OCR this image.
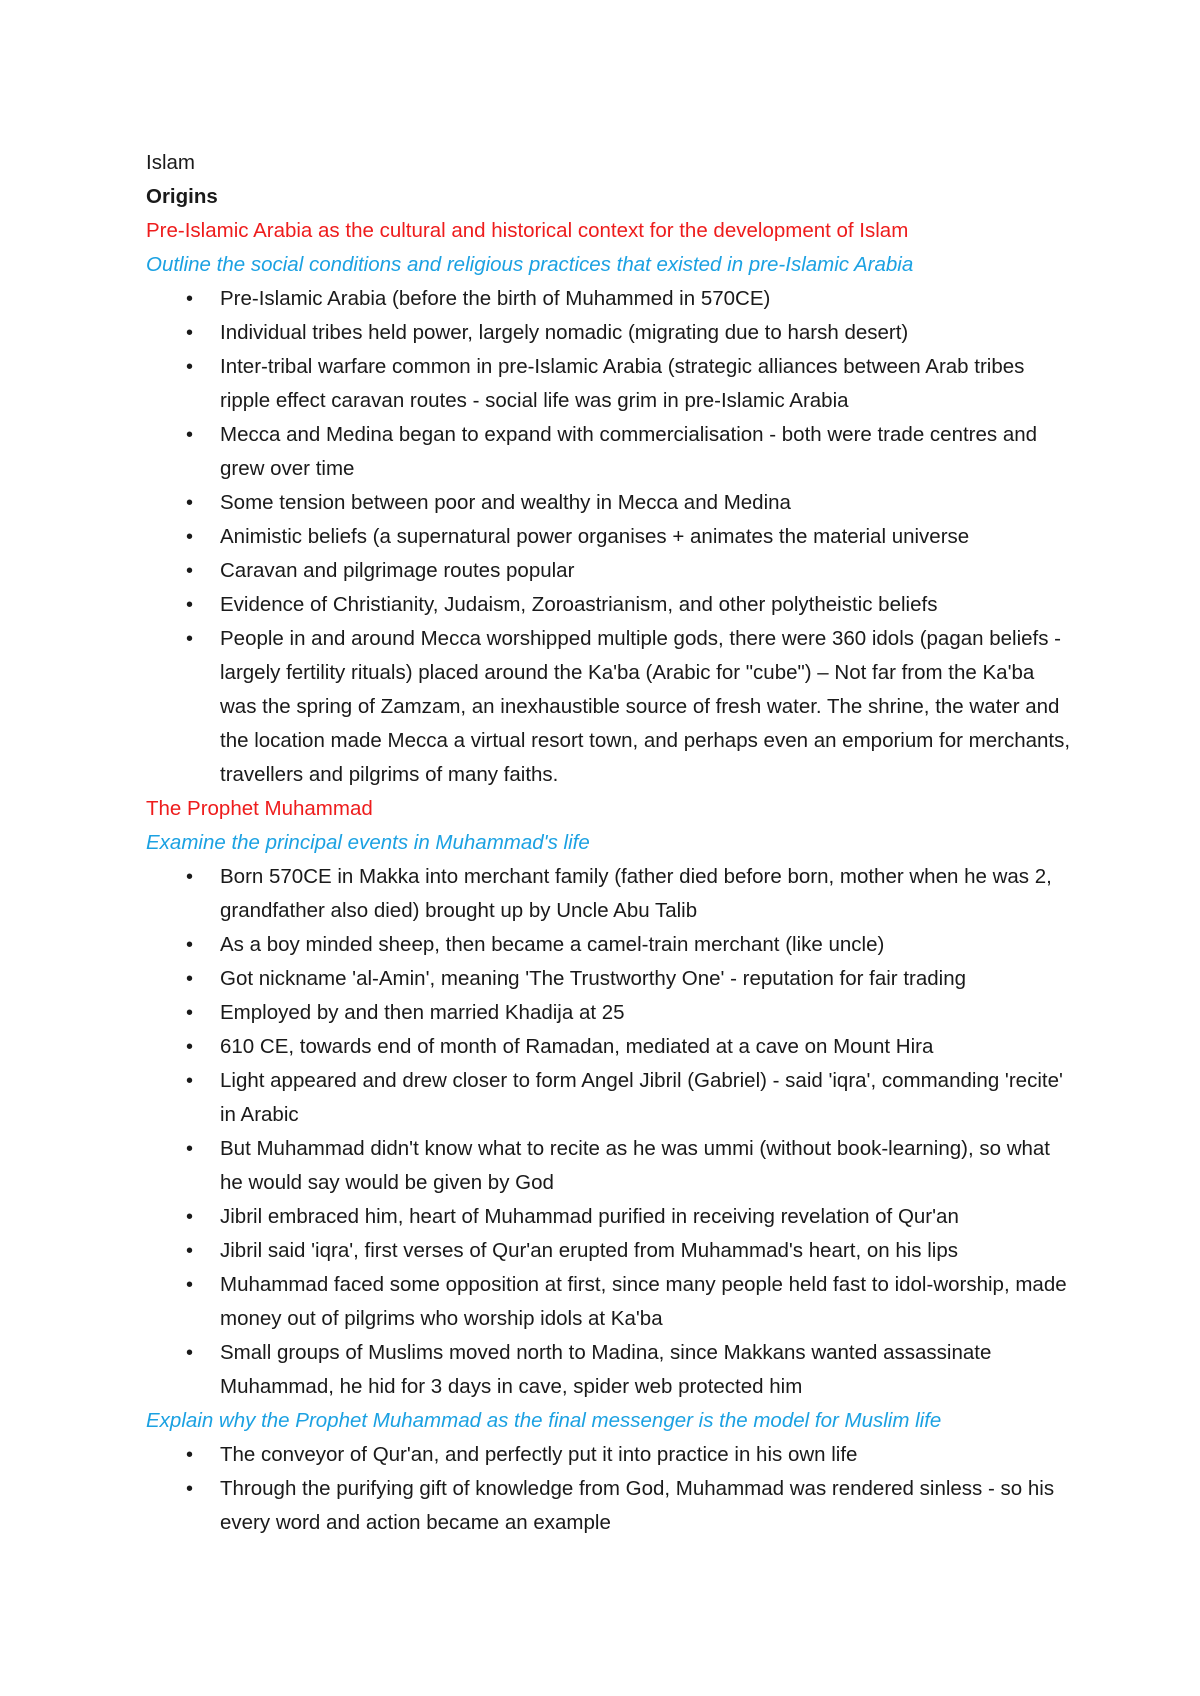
Islam
Origins
Pre-Islamic Arabia as the cultural and historical context for the development of Islam
Outline the social conditions and religious practices that existed in pre-Islamic Arabia
• Pre-Islamic Arabia (before the birth of Muhammed in 570CE)
• Individual tribes held power, largely nomadic (migrating due to harsh desert)
• Inter-tribal warfare common in pre-Islamic Arabia (strategic alliances between Arab tribes ripple effect caravan routes - social life was grim in pre-Islamic Arabia
• Mecca and Medina began to expand with commercialisation - both were trade centres and grew over time
• Some tension between poor and wealthy in Mecca and Medina
• Animistic beliefs (a supernatural power organises + animates the material universe
• Caravan and pilgrimage routes popular
• Evidence of Christianity, Judaism, Zoroastrianism, and other polytheistic beliefs
• People in and around Mecca worshipped multiple gods, there were 360 idols (pagan beliefs - largely fertility rituals) placed around the Ka'ba (Arabic for "cube") – Not far from the Ka'ba was the spring of Zamzam, an inexhaustible source of fresh water. The shrine, the water and the location made Mecca a virtual resort town, and perhaps even an emporium for merchants, travellers and pilgrims of many faiths.
The Prophet Muhammad
Examine the principal events in Muhammad's life
• Born 570CE in Makka into merchant family (father died before born, mother when he was 2, grandfather also died) brought up by Uncle Abu Talib
• As a boy minded sheep, then became a camel-train merchant (like uncle)
• Got nickname 'al-Amin', meaning 'The Trustworthy One' - reputation for fair trading
• Employed by and then married Khadija at 25
• 610 CE, towards end of month of Ramadan, mediated at a cave on Mount Hira
• Light appeared and drew closer to form Angel Jibril (Gabriel) - said 'iqra', commanding 'recite' in Arabic
• But Muhammad didn't know what to recite as he was ummi (without book-learning), so what he would say would be given by God
• Jibril embraced him, heart of Muhammad purified in receiving revelation of Qur'an
• Jibril said 'iqra', first verses of Qur'an erupted from Muhammad's heart, on his lips
• Muhammad faced some opposition at first, since many people held fast to idol-worship, made money out of pilgrims who worship idols at Ka'ba
• Small groups of Muslims moved north to Madina, since Makkans wanted assassinate Muhammad, he hid for 3 days in cave, spider web protected him
Explain why the Prophet Muhammad as the final messenger is the model for Muslim life
• The conveyor of Qur'an, and perfectly put it into practice in his own life
• Through the purifying gift of knowledge from God, Muhammad was rendered sinless - so his every word and action became an example
